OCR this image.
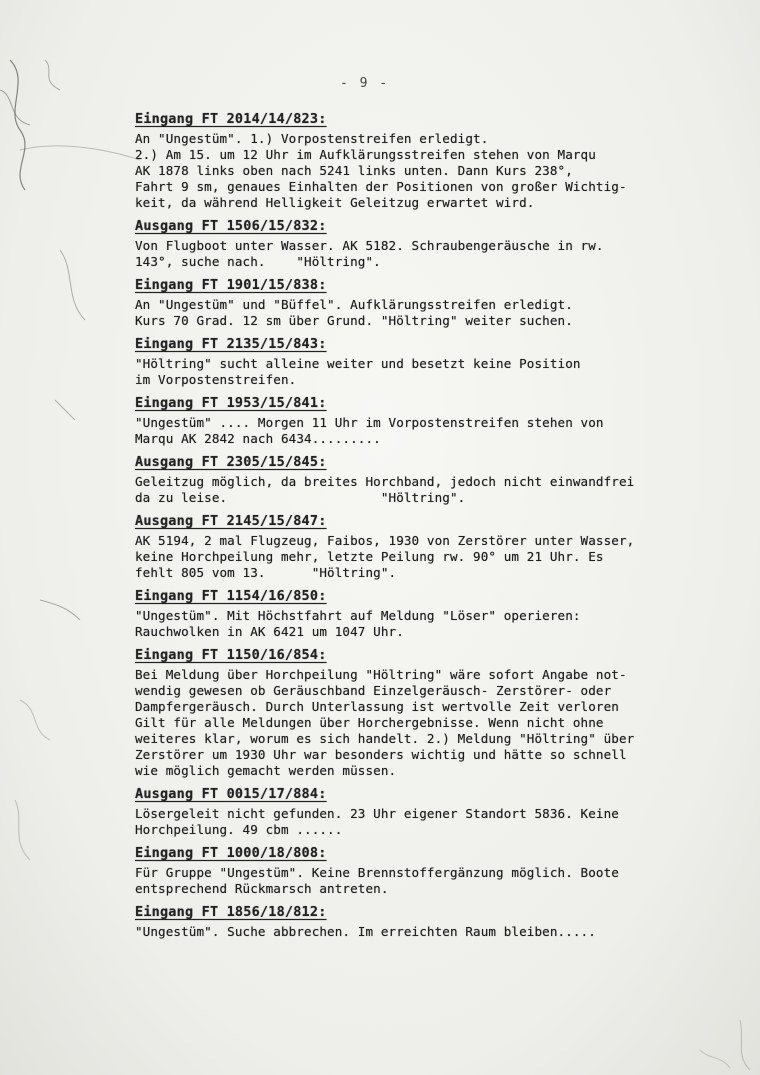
- 9 -
Eingang FT 2014/14/823:
An "Ungestüm". 1.) Vorpostenstreifen erledigt.
2.) Am 15. um 12 Uhr im Aufklärungsstreifen stehen von Marqu
AK 1878 links oben nach 5241 links unten. Dann Kurs 238°,
Fahrt 9 sm, genaues Einhalten der Positionen von großer Wichtig-
keit, da während Helligkeit Geleitzug erwartet wird.
Ausgang FT 1506/15/832:
Von Flugboot unter Wasser. AK 5182. Schraubengeräusche in rw.
143°, suche nach.    "Höltring".
Eingang FT 1901/15/838:
An "Ungestüm" und "Büffel". Aufklärungsstreifen erledigt.
Kurs 70 Grad. 12 sm über Grund. "Höltring" weiter suchen.
Eingang FT 2135/15/843:
"Höltring" sucht alleine weiter und besetzt keine Position
im Vorpostenstreifen.
Eingang FT 1953/15/841:
"Ungestüm" .... Morgen 11 Uhr im Vorpostenstreifen stehen von
Marqu AK 2842 nach 6434.........
Ausgang FT 2305/15/845:
Geleitzug möglich, da breites Horchband, jedoch nicht einwandfrei
da zu leise.                    "Höltring".
Ausgang FT 2145/15/847:
AK 5194, 2 mal Flugzeug, Faibos, 1930 von Zerstörer unter Wasser,
keine Horchpeilung mehr, letzte Peilung rw. 90° um 21 Uhr. Es
fehlt 805 vom 13.      "Höltring".
Eingang FT 1154/16/850:
"Ungestüm". Mit Höchstfahrt auf Meldung "Löser" operieren:
Rauchwolken in AK 6421 um 1047 Uhr.
Eingang FT 1150/16/854:
Bei Meldung über Horchpeilung "Höltring" wäre sofort Angabe not-
wendig gewesen ob Geräuschband Einzelgeräusch- Zerstörer- oder
Dampfergeräusch. Durch Unterlassung ist wertvolle Zeit verloren
Gilt für alle Meldungen über Horchergebnisse. Wenn nicht ohne
weiteres klar, worum es sich handelt. 2.) Meldung "Höltring" über
Zerstörer um 1930 Uhr war besonders wichtig und hätte so schnell
wie möglich gemacht werden müssen.
Ausgang FT 0015/17/884:
Lösergeleit nicht gefunden. 23 Uhr eigener Standort 5836. Keine
Horchpeilung. 49 cbm ......
Eingang FT 1000/18/808:
Für Gruppe "Ungestüm". Keine Brennstoffergänzung möglich. Boote
entsprechend Rückmarsch antreten.
Eingang FT 1856/18/812:
"Ungestüm". Suche abbrechen. Im erreichten Raum bleiben.....
